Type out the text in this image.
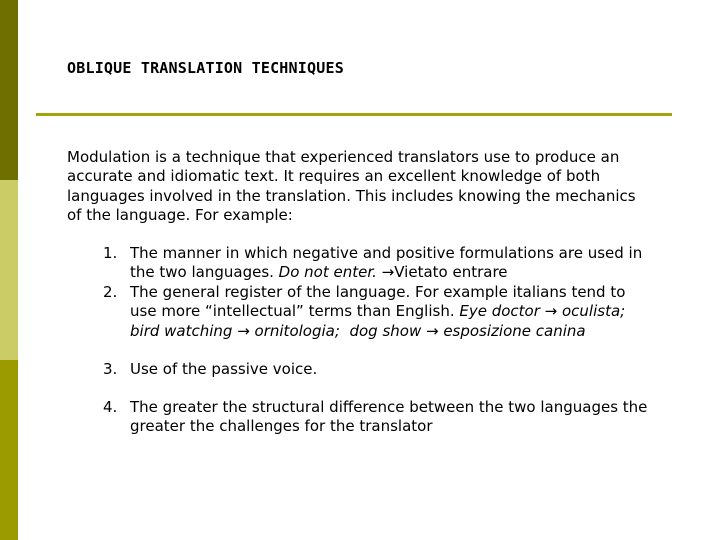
OBLIQUE TRANSLATION TECHNIQUES
Modulation is a technique that experienced translators use to produce an
accurate and idiomatic text. It requires an excellent knowledge of both
languages involved in the translation. This includes knowing the mechanics
of the language. For example:
1. The manner in which negative and positive formulations are used in
the two languages. Do not enter. →Vietato entrare
2. The general register of the language. For example italians tend to
use more “intellectual” terms than English. Eye doctor → oculista;
bird watching → ornitologia; dog show → esposizione canina
3. Use of the passive voice.
4. The greater the structural difference between the two languages the
greater the challenges for the translator
